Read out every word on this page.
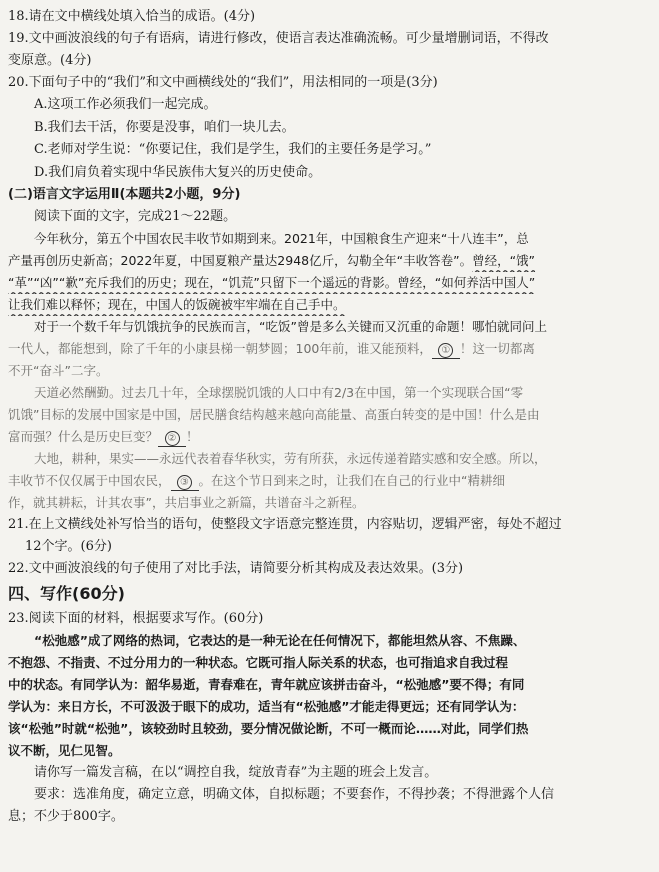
18.请在文中横线处填入恰当的成语。(4分)

19.文中画波浪线的句子有语病，请进行修改，使语言表达准确流畅。可少量增删词语，不得改

变原意。(4分)

20.下面句子中的“我们”和文中画横线处的“我们”，用法相同的一项是(3分)

A.这项工作必须我们一起完成。

B.我们去干活，你要是没事，咱们一块儿去。

C.老师对学生说：“你要记住，我们是学生，我们的主要任务是学习。”

D.我们肩负着实现中华民族伟大复兴的历史使命。

(二)语言文字运用Ⅱ(本题共2小题，9分)

阅读下面的文字，完成21～22题。

今年秋分，第五个中国农民丰收节如期到来。2021年，中国粮食生产迎来“十八连丰”，总

产量再创历史新高；2022年夏，中国夏粮产量达2948亿斤，勾勒全年“丰收答卷”。曾经，“饿”

“革”“凶”“歉”充斥我们的历史；现在，“饥荒”只留下一个遥远的背影。曾经，“如何养活中国人”

让我们难以释怀；现在，中国人的饭碗被牢牢端在自己手中。

对于一个数千年与饥饿抗争的民族而言，“吃饭”曾是多么关键而又沉重的命题！哪怕就同问上

一代人，都能想到，除了千年的小康县梯一朝梦圆；100年前，谁又能预料， ① ！这一切都离

不开“奋斗”二字。

天道必然酬勤。过去几十年，全球摆脱饥饿的人口中有2/3在中国，第一个实现联合国“零

饥饿”目标的发展中国家是中国，居民膳食结构越来越向高能量、高蛋白转变的是中国！什么是由

富而强？什么是历史巨变？ ② ！

大地，耕种，果实——永远代表着春华秋实，劳有所获，永远传递着踏实感和安全感。所以，

丰收节不仅仅属于中国农民， ③ 。在这个节日到来之时，让我们在自己的行业中“精耕细

作，就其耕耘，计其农事”，共启事业之新篇，共谱奋斗之新程。

21.在上文横线处补写恰当的语句，使整段文字语意完整连贯，内容贴切，逻辑严密，每处不超过

12个字。(6分)

22.文中画波浪线的句子使用了对比手法，请简要分析其构成及表达效果。(3分)

四、写作(60分)

23.阅读下面的材料，根据要求写作。(60分)

“松弛感”成了网络的热词，它表达的是一种无论在任何情况下，都能坦然从容、不焦躁、

不抱怨、不指责、不过分用力的一种状态。它既可指人际关系的状态，也可指追求自我过程

中的状态。有同学认为：韶华易逝，青春难在，青年就应该拼击奋斗，“松弛感”要不得；有同

学认为：来日方长，不可汲汲于眼下的成功，适当有“松弛感”才能走得更远；还有同学认为：

该“松弛”时就“松弛”，该较劲时且较劲，要分情况做论断，不可一概而论……对此，同学们热

议不断，见仁见智。

请你写一篇发言稿，在以“调控自我，绽放青春”为主题的班会上发言。

要求：选准角度，确定立意，明确文体，自拟标题；不要套作，不得抄袭；不得泄露个人信

息；不少于800字。
